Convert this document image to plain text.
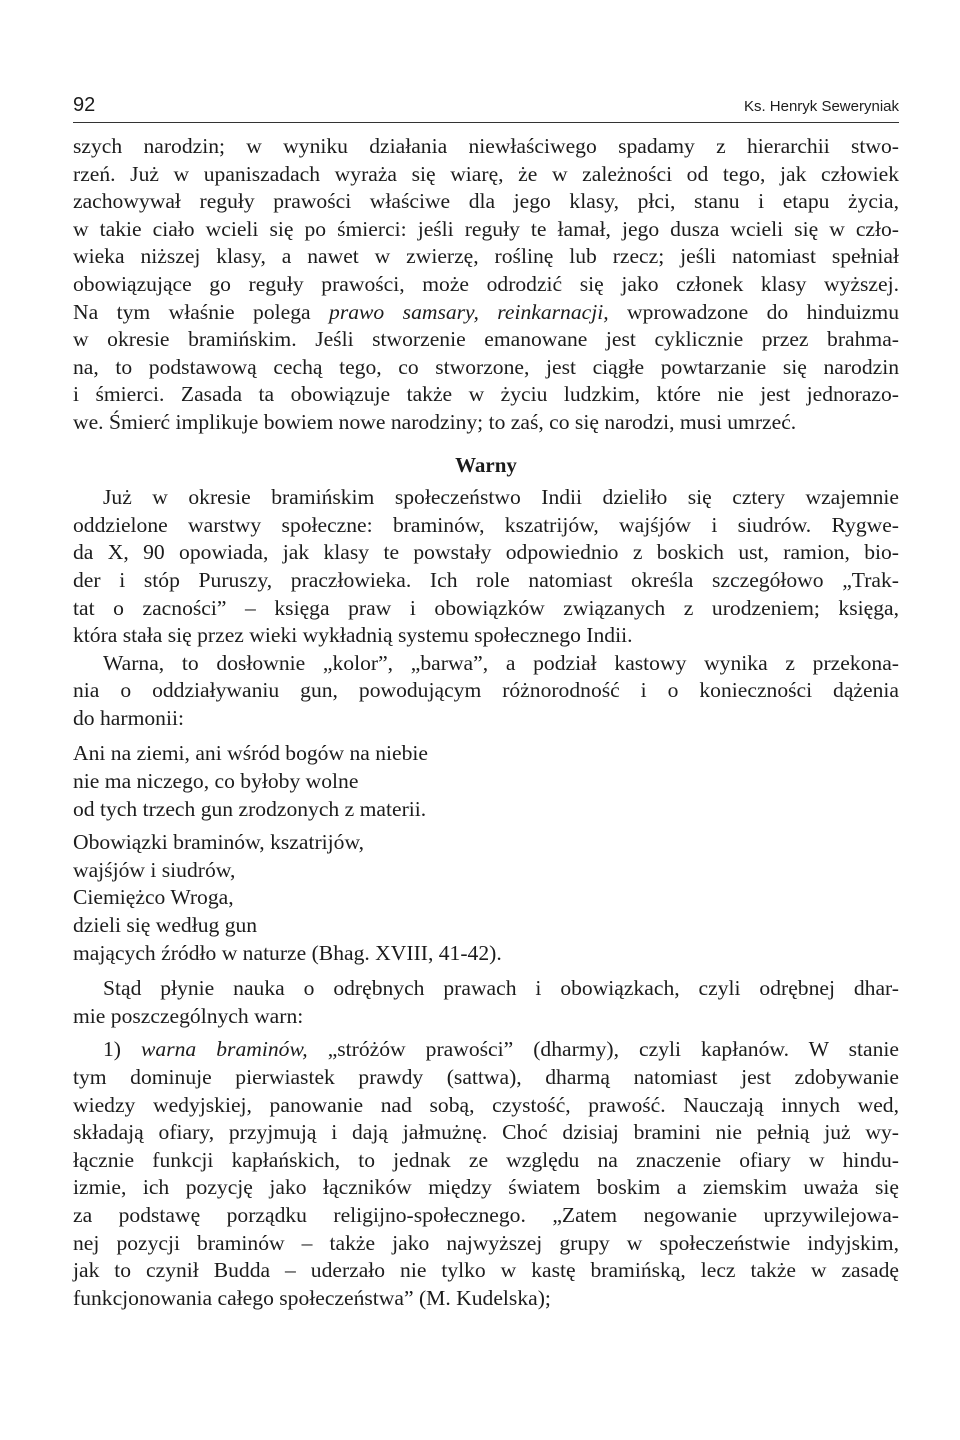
92	Ks. Henryk Seweryniak
szych narodzin; w wyniku działania niewłaściwego spadamy z hierarchii stwo-
rzeń. Już w upaniszadach wyraża się wiarę, że w zależności od tego, jak człowiek
zachowywał reguły prawości właściwe dla jego klasy, płci, stanu i etapu życia,
w takie ciało wcieli się po śmierci: jeśli reguły te łamał, jego dusza wcieli się w czło-
wieka niższej klasy, a nawet w zwierzę, roślinę lub rzecz; jeśli natomiast spełniał
obowiązujące go reguły prawości, może odrodzić się jako członek klasy wyższej.
Na tym właśnie polega prawo samsary, reinkarnacji, wprowadzone do hinduizmu
w okresie bramińskim. Jeśli stworzenie emanowane jest cyklicznie przez brahma-
na, to podstawową cechą tego, co stworzone, jest ciągłe powtarzanie się narodzin
i śmierci. Zasada ta obowiązuje także w życiu ludzkim, które nie jest jednorazo-
we. Śmierć implikuje bowiem nowe narodziny; to zaś, co się narodzi, musi umrzeć.
Warny
Już w okresie bramińskim społeczeństwo Indii dzieliło się cztery wzajemnie
oddzielone warstwy społeczne: braminów, kszatrijów, wajśjów i siudrów. Rygwe-
da X, 90 opowiada, jak klasy te powstały odpowiednio z boskich ust, ramion, bio-
der i stóp Puruszy, praczłowieka. Ich role natomiast określa szczegółowo „Trak-
tat o zacności” – księga praw i obowiązków związanych z urodzeniem; księga,
która stała się przez wieki wykładnią systemu społecznego Indii.
Warna, to dosłownie „kolor”, „barwa”, a podział kastowy wynika z przekona-
nia o oddziaływaniu gun, powodującym różnorodność i o konieczności dążenia
do harmonii:
Ani na ziemi, ani wśród bogów na niebie
nie ma niczego, co byłoby wolne
od tych trzech gun zrodzonych z materii.
Obowiązki braminów, kszatrijów,
wajśjów i siudrów,
Ciemiężco Wroga,
dzieli się według gun
mających źródło w naturze (Bhag. XVIII, 41-42).
Stąd płynie nauka o odrębnych prawach i obowiązkach, czyli odrębnej dhar-
mie poszczególnych warn:
1) warna braminów, „stróżów prawości” (dharmy), czyli kapłanów. W stanie
tym dominuje pierwiastek prawdy (sattwa), dharmą natomiast jest zdobywanie
wiedzy wedyjskiej, panowanie nad sobą, czystość, prawość. Nauczają innych wed,
składają ofiary, przyjmują i dają jałmużnę. Choć dzisiaj bramini nie pełnią już wy-
łącznie funkcji kapłańskich, to jednak ze względu na znaczenie ofiary w hindu-
izmie, ich pozycję jako łączników między światem boskim a ziemskim uważa się
za podstawę porządku religijno-społecznego. „Zatem negowanie uprzywilejowa-
nej pozycji braminów – także jako najwyższej grupy w społeczeństwie indyjskim,
jak to czynił Budda – uderzało nie tylko w kastę bramińską, lecz także w zasadę
funkcjonowania całego społeczeństwa” (M. Kudelska);
